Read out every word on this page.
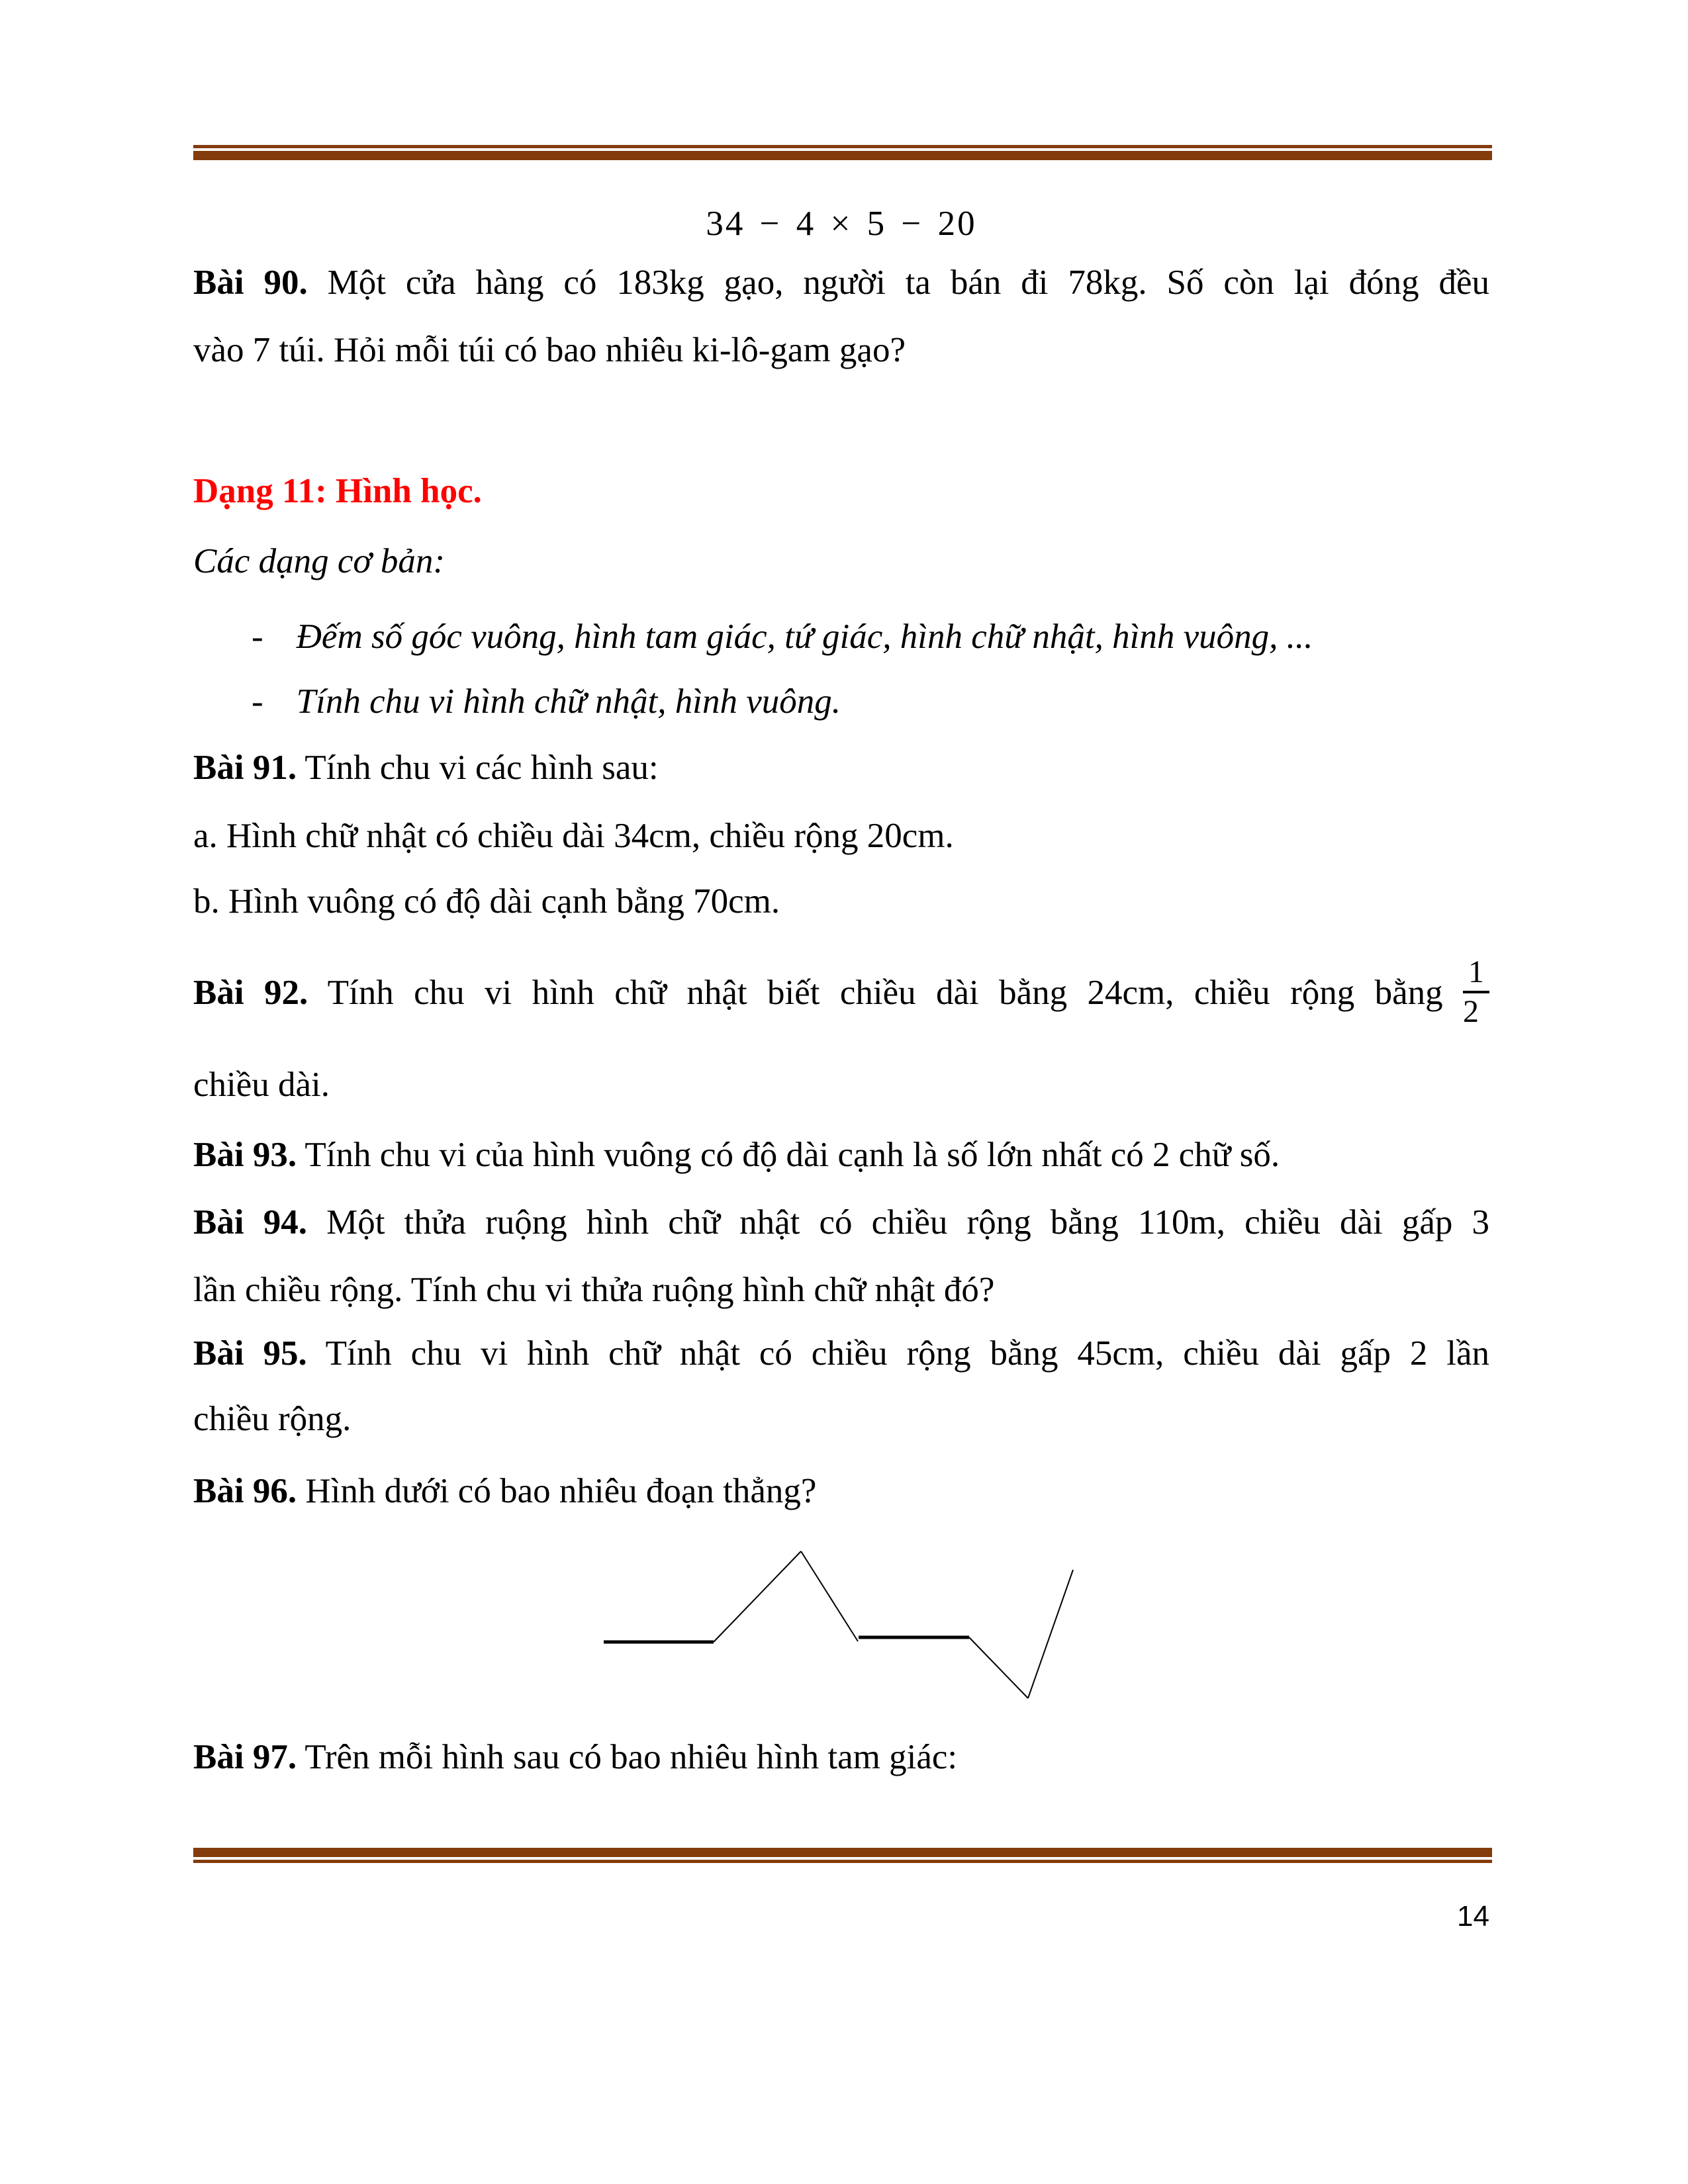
34 − 4 × 5 − 20
Bài 90. Một cửa hàng có 183kg gạo, người ta bán đi 78kg. Số còn lại đóng đều
vào 7 túi. Hỏi mỗi túi có bao nhiêu ki-lô-gam gạo?
Dạng 11: Hình học.
Các dạng cơ bản:
- Đếm số góc vuông, hình tam giác, tứ giác, hình chữ nhật, hình vuông, ...
- Tính chu vi hình chữ nhật, hình vuông.
Bài 91. Tính chu vi các hình sau:
a. Hình chữ nhật có chiều dài 34cm, chiều rộng 20cm.
b. Hình vuông có độ dài cạnh bằng 70cm.
Bài 92. Tính chu vi hình chữ nhật biết chiều dài bằng 24cm, chiều rộng bằng $\frac{1}{2}$
chiều dài.
Bài 93. Tính chu vi của hình vuông có độ dài cạnh là số lớn nhất có 2 chữ số.
Bài 94. Một thửa ruộng hình chữ nhật có chiều rộng bằng 110m, chiều dài gấp 3
lần chiều rộng. Tính chu vi thửa ruộng hình chữ nhật đó?
Bài 95. Tính chu vi hình chữ nhật có chiều rộng bằng 45cm, chiều dài gấp 2 lần
chiều rộng.
Bài 96. Hình dưới có bao nhiêu đoạn thẳng?
Bài 97. Trên mỗi hình sau có bao nhiêu hình tam giác:
14
